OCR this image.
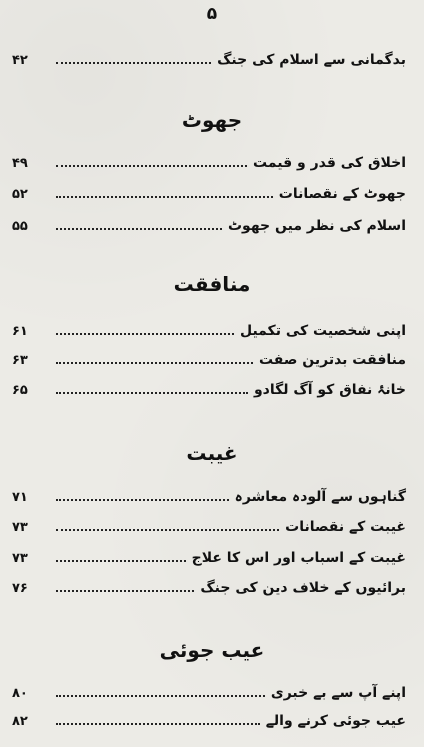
۵
بدگمانی سے اسلام کی جنگ
۴۲
جھوٹ
اخلاق کی قدر و قیمت
۴۹
جھوٹ کے نقصانات
۵۲
اسلام کی نظر میں جھوٹ
۵۵
منافقت
اپنی شخصیت کی تکمیل
۶۱
منافقت بدترین صفت
۶۳
خانۂ نفاق کو آگ لگادو
۶۵
غیبت
گناہوں سے آلودہ معاشرہ
۷۱
غیبت کے نقصانات
۷۳
غیبت کے اسباب اور اس کا علاج
۷۳
برائیوں کے خلاف دین کی جنگ
۷۶
عیب جوئی
اپنے آپ سے بے خبری
۸۰
عیب جوئی کرنے والے
۸۲
